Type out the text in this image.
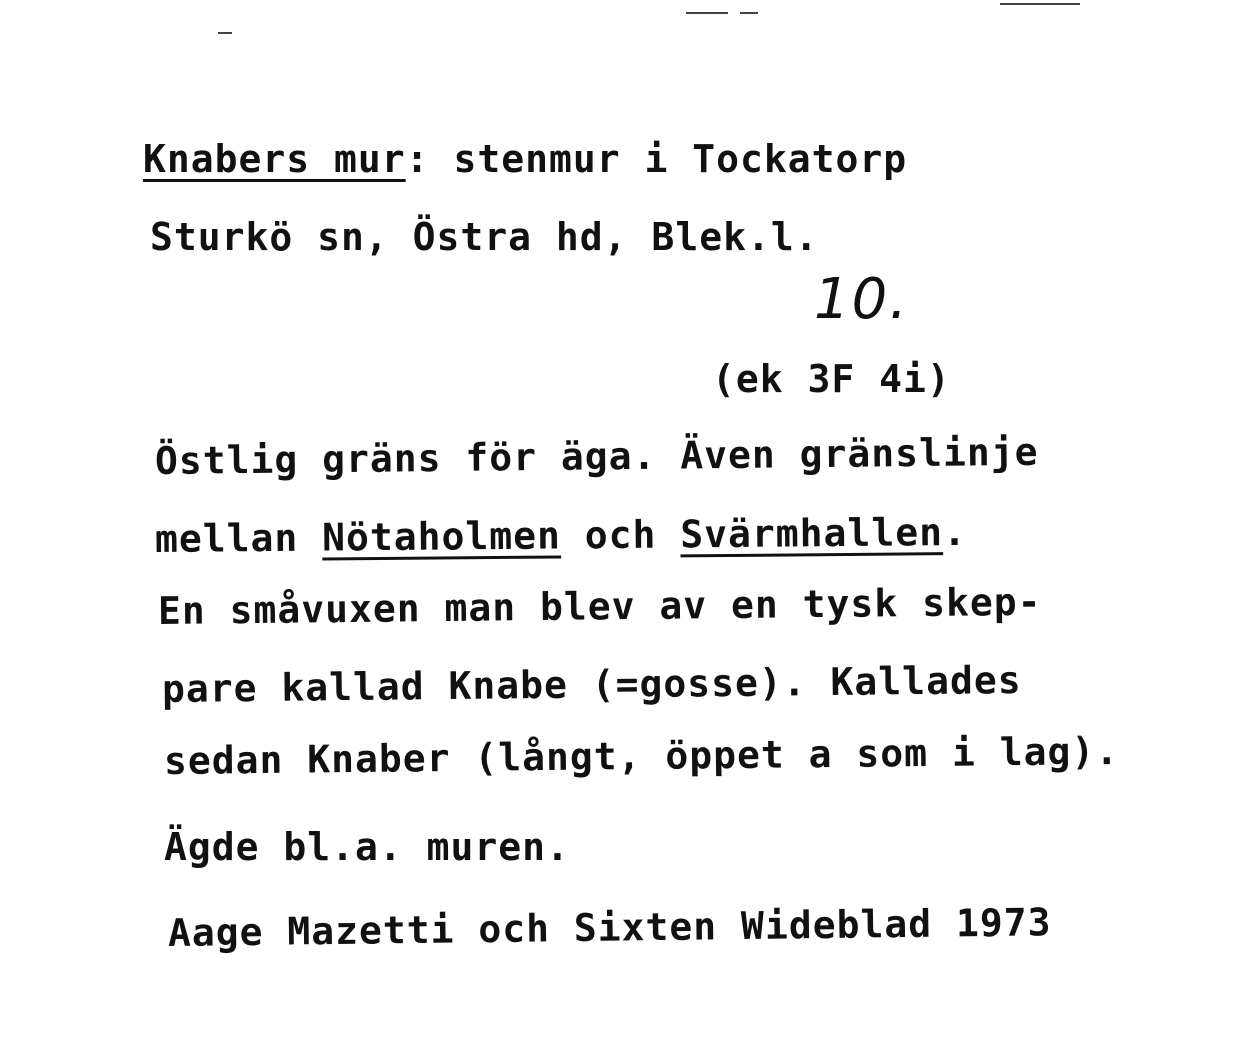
Knabers mur: stenmur i Tockatorp
Sturkö sn, Östra hd, Blek.l.
10.
(ek 3F 4i)
Östlig gräns för äga. Även gränslinje
mellan Nötaholmen och Svärmhallen.
En småvuxen man blev av en tysk skep-
pare kallad Knabe (=gosse). Kallades
sedan Knaber (långt, öppet a som i lag).
Ägde bl.a. muren.
Aage Mazetti och Sixten Wideblad 1973
